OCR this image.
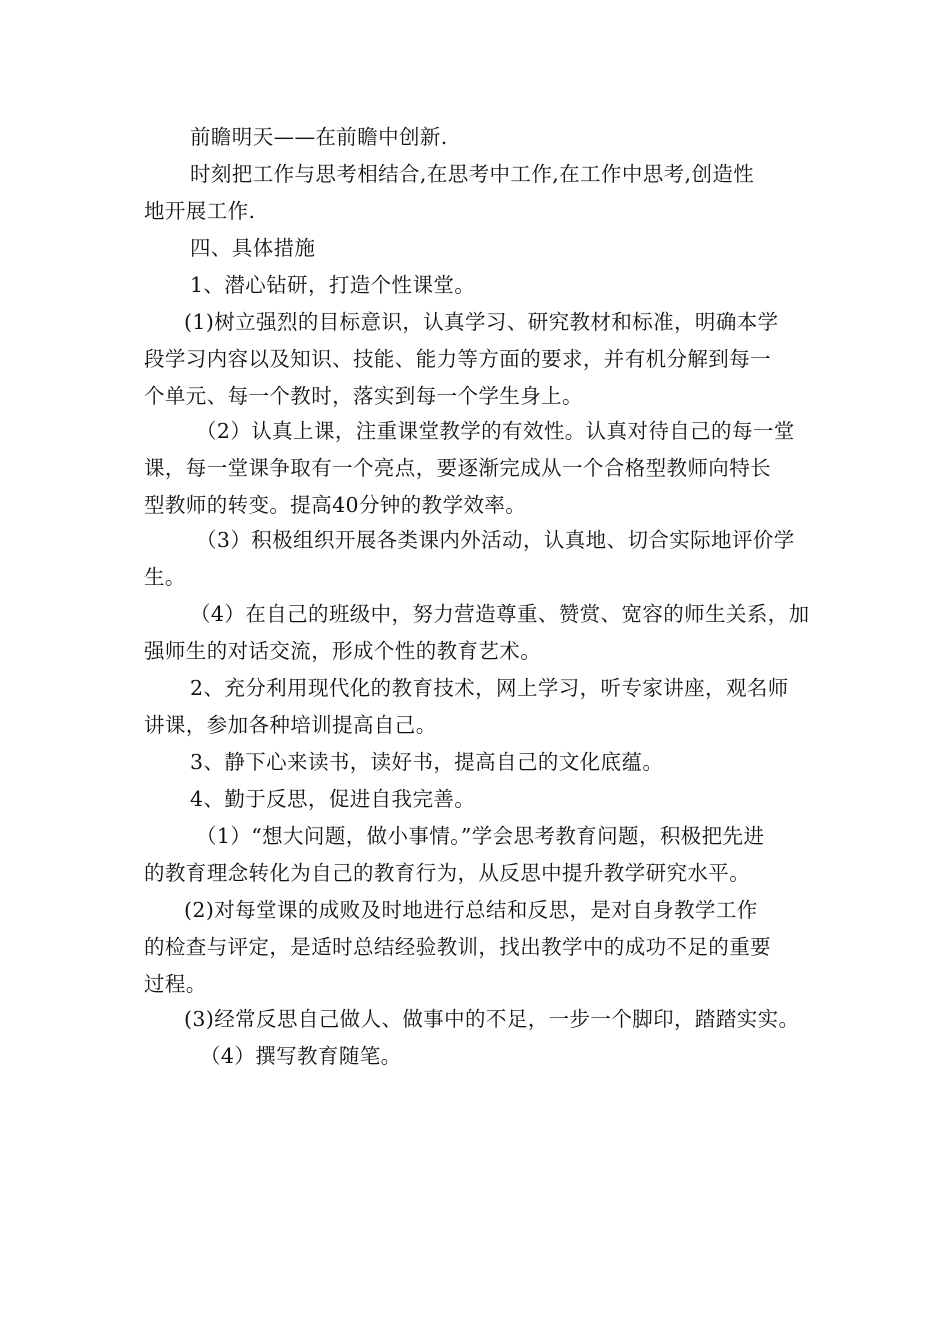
前瞻明天——在前瞻中创新.

时刻把工作与思考相结合,在思考中工作,在工作中思考,创造性
地开展工作.

四、具体措施

1、潜心钻研，打造个性课堂。

(1)树立强烈的目标意识，认真学习、研究教材和标准，明确本学
段学习内容以及知识、技能、能力等方面的要求，并有机分解到每一
个单元、每一个教时，落实到每一个学生身上。

（2）认真上课，注重课堂教学的有效性。认真对待自己的每一堂
课，每一堂课争取有一个亮点，要逐渐完成从一个合格型教师向特长
型教师的转变。提高40分钟的教学效率。

（3）积极组织开展各类课内外活动，认真地、切合实际地评价学
生。

（4）在自己的班级中，努力营造尊重、赞赏、宽容的师生关系，加
强师生的对话交流，形成个性的教育艺术。

2、充分利用现代化的教育技术，网上学习，听专家讲座，观名师
讲课，参加各种培训提高自己。

3、静下心来读书，读好书，提高自己的文化底蕴。

4、勤于反思，促进自我完善。

（1）“想大问题，做小事情。”学会思考教育问题，积极把先进
的教育理念转化为自己的教育行为，从反思中提升教学研究水平。

(2)对每堂课的成败及时地进行总结和反思，是对自身教学工作
的检查与评定，是适时总结经验教训，找出教学中的成功不足的重要
过程。

(3)经常反思自己做人、做事中的不足，一步一个脚印，踏踏实实。

（4）撰写教育随笔。
